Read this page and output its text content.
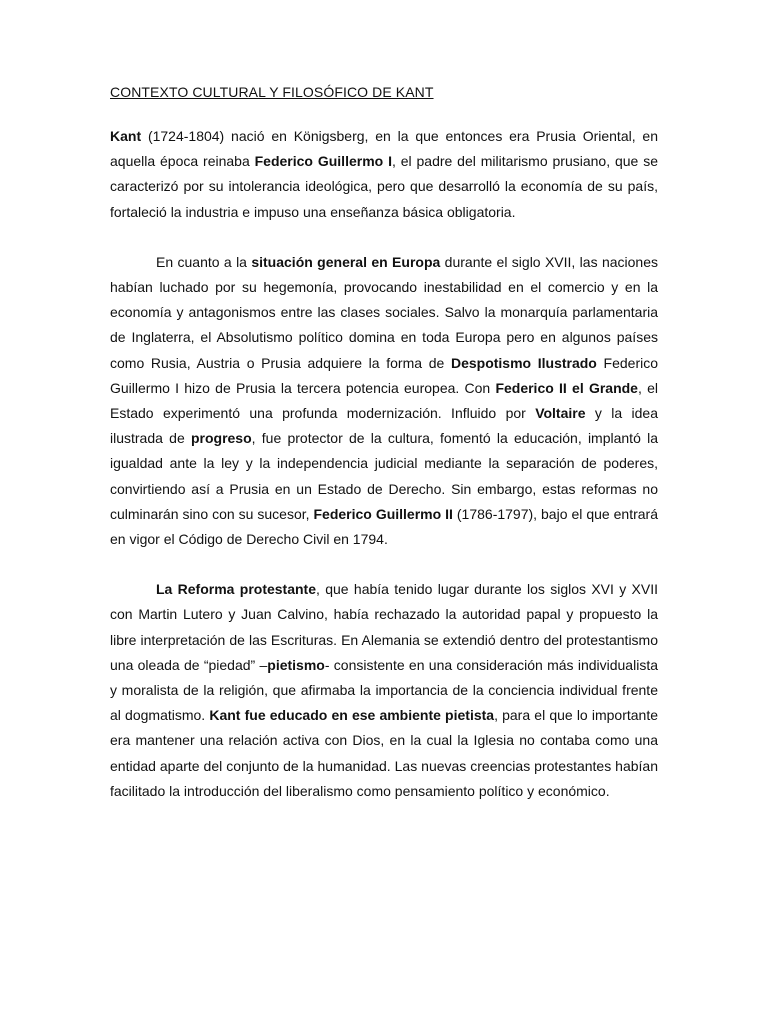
CONTEXTO CULTURAL Y FILOSÓFICO DE KANT

Kant (1724-1804) nació en Königsberg, en la que entonces era Prusia Oriental, en aquella época reinaba Federico Guillermo I, el padre del militarismo prusiano, que se caracterizó por su intolerancia ideológica, pero que desarrolló la economía de su país, fortaleció la industria e impuso una enseñanza básica obligatoria.

En cuanto a la situación general en Europa durante el siglo XVII, las naciones habían luchado por su hegemonía, provocando inestabilidad en el comercio y en la economía y antagonismos entre las clases sociales. Salvo la monarquía parlamentaria de Inglaterra, el Absolutismo político domina en toda Europa pero en algunos países como Rusia, Austria o Prusia adquiere la forma de Despotismo Ilustrado Federico Guillermo I hizo de Prusia la tercera potencia europea. Con Federico II el Grande, el Estado experimentó una profunda modernización. Influido por Voltaire y la idea ilustrada de progreso, fue protector de la cultura, fomentó la educación, implantó la igualdad ante la ley y la independencia judicial mediante la separación de poderes, convirtiendo así a Prusia en un Estado de Derecho. Sin embargo, estas reformas no culminarán sino con su sucesor, Federico Guillermo II (1786-1797), bajo el que entrará en vigor el Código de Derecho Civil en 1794.

La Reforma protestante, que había tenido lugar durante los siglos XVI y XVII con Martin Lutero y Juan Calvino, había rechazado la autoridad papal y propuesto la libre interpretación de las Escrituras. En Alemania se extendió dentro del protestantismo una oleada de “piedad” –pietismo- consistente en una consideración más individualista y moralista de la religión, que afirmaba la importancia de la conciencia individual frente al dogmatismo. Kant fue educado en ese ambiente pietista, para el que lo importante era mantener una relación activa con Dios, en la cual la Iglesia no contaba como una entidad aparte del conjunto de la humanidad. Las nuevas creencias protestantes habían facilitado la introducción del liberalismo como pensamiento político y económico.
